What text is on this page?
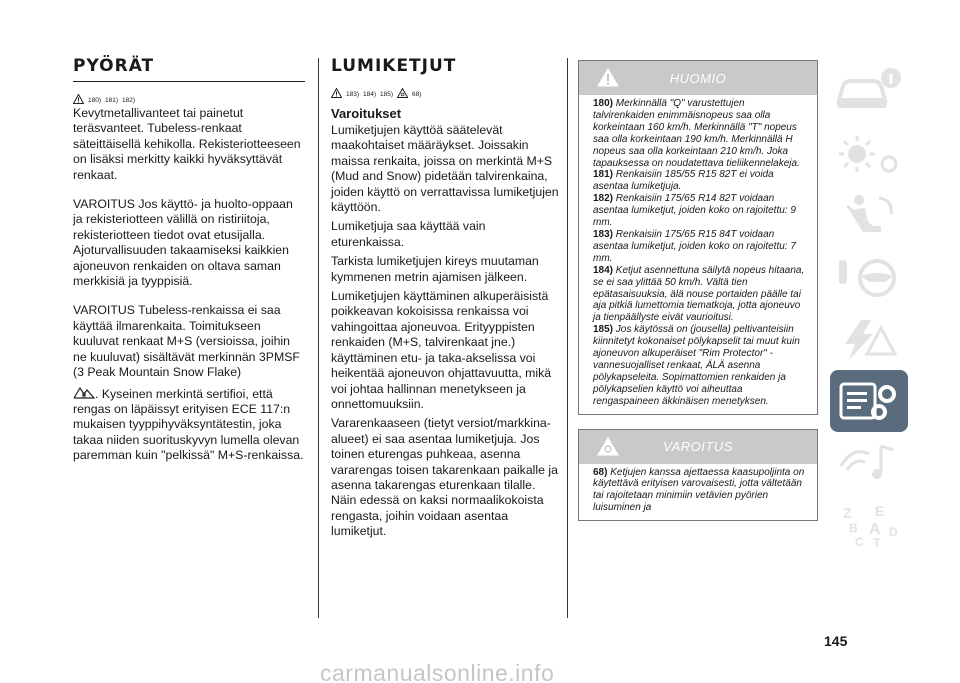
PYÖRÄT
180) 181) 182)

Kevytmetallivanteet tai painetut teräsvanteet. Tubeless-renkaat säteittäisellä kehikolla. Rekisteriotteeseen on lisäksi merkitty kaikki hyväksyttävät renkaat.

VAROITUS Jos käyttö- ja huolto-oppaan ja rekisteriotteen välillä on ristiriitoja, rekisteriotteen tiedot ovat etusijalla. Ajoturvallisuuden takaamiseksi kaikkien ajoneuvon renkaiden on oltava saman merkkisiä ja tyyppisiä.

VAROITUS Tubeless-renkaissa ei saa käyttää ilmarenkaita. Toimitukseen kuuluvat renkaat M+S (versioissa, joihin ne kuuluvat) sisältävät merkinnän 3PMSF (3 Peak Mountain Snow Flake)

. Kyseinen merkintä sertifioi, että rengas on läpäissyt erityisen ECE 117:n mukaisen tyyppihyväksyntätestin, joka takaa niiden suorituskyvyn lumella olevan paremman kuin "pelkissä" M+S-renkaissa.

LUMIKETJUT
183) 184) 185)	68)
Varoitukset

Lumiketjujen käyttöä säätelevät maakohtaiset määräykset. Joissakin maissa renkaita, joissa on merkintä M+S (Mud and Snow) pidetään talvirenkaina, joiden käyttö on verrattavissa lumiketjujen käyttöön.

Lumiketjuja saa käyttää vain eturenkaissa.

Tarkista lumiketjujen kireys muutaman kymmenen metrin ajamisen jälkeen.

Lumiketjujen käyttäminen alkuperäisistä poikkeavan kokoisissa renkaissa voi vahingoittaa ajoneuvoa. Erityyppisten renkaiden (M+S, talvirenkaat jne.) käyttäminen etu- ja taka-akselissa voi heikentää ajoneuvon ohjattavuutta, mikä voi johtaa hallinnan menetykseen ja onnettomuuksiin.

Vararenkaaseen (tietyt versiot/markkina-alueet) ei saa asentaa lumiketjuja. Jos toinen eturengas puhkeaa, asenna vararengas toisen takarenkaan paikalle ja asenna takarengas eturenkaan tilalle. Näin edessä on kaksi normaalikokoista rengasta, joihin voidaan asentaa lumiketjut.

HUOMIO

180) Merkinnällä "Q" varustettujen talvirenkaiden enimmäisnopeus saa olla korkeintaan 160 km/h. Merkinnällä "T" nopeus saa olla korkeintaan 190 km/h. Merkinnällä H nopeus saa olla korkeintaan 210 km/h. Joka tapauksessa on noudatettava tieliikennelakeja.

181) Renkaisiin 185/55 R15 82T ei voida asentaa lumiketjuja.

182) Renkaisiin 175/65 R14 82T voidaan asentaa lumiketjut, joiden koko on rajoitettu: 9 mm.

183) Renkaisiin 175/65 R15 84T voidaan asentaa lumiketjut, joiden koko on rajoitettu: 7 mm.

184) Ketjut asennettuna säilytä nopeus hitaana, se ei saa ylittää 50 km/h. Vältä tien epätasaisuuksia, älä nouse portaiden päälle tai aja pitkiä lumettomia tiematkoja, jotta ajoneuvo ja tienpäällyste eivät vaurioitusi.

185) Jos käytössä on (jousella) peltivanteisiin kiinnitetyt kokonaiset pölykapselit tai muut kuin ajoneuvon alkuperäiset "Rim Protector" -vannesuojalliset renkaat, ÄLÄ asenna pölykapseleita. Sopimattomien renkaiden ja pölykapselien käyttö voi aiheuttaa rengaspaineen äkkinäisen menetyksen.

VAROITUS

68) Ketjujen kanssa ajettaessa kaasupoljinta on käytettävä erityisen varovaisesti, jotta vältetään tai rajoitetaan minimiin vetävien pyörien luisuminen ja	Z E
B A D
C T
145
carmanualsonline.info
